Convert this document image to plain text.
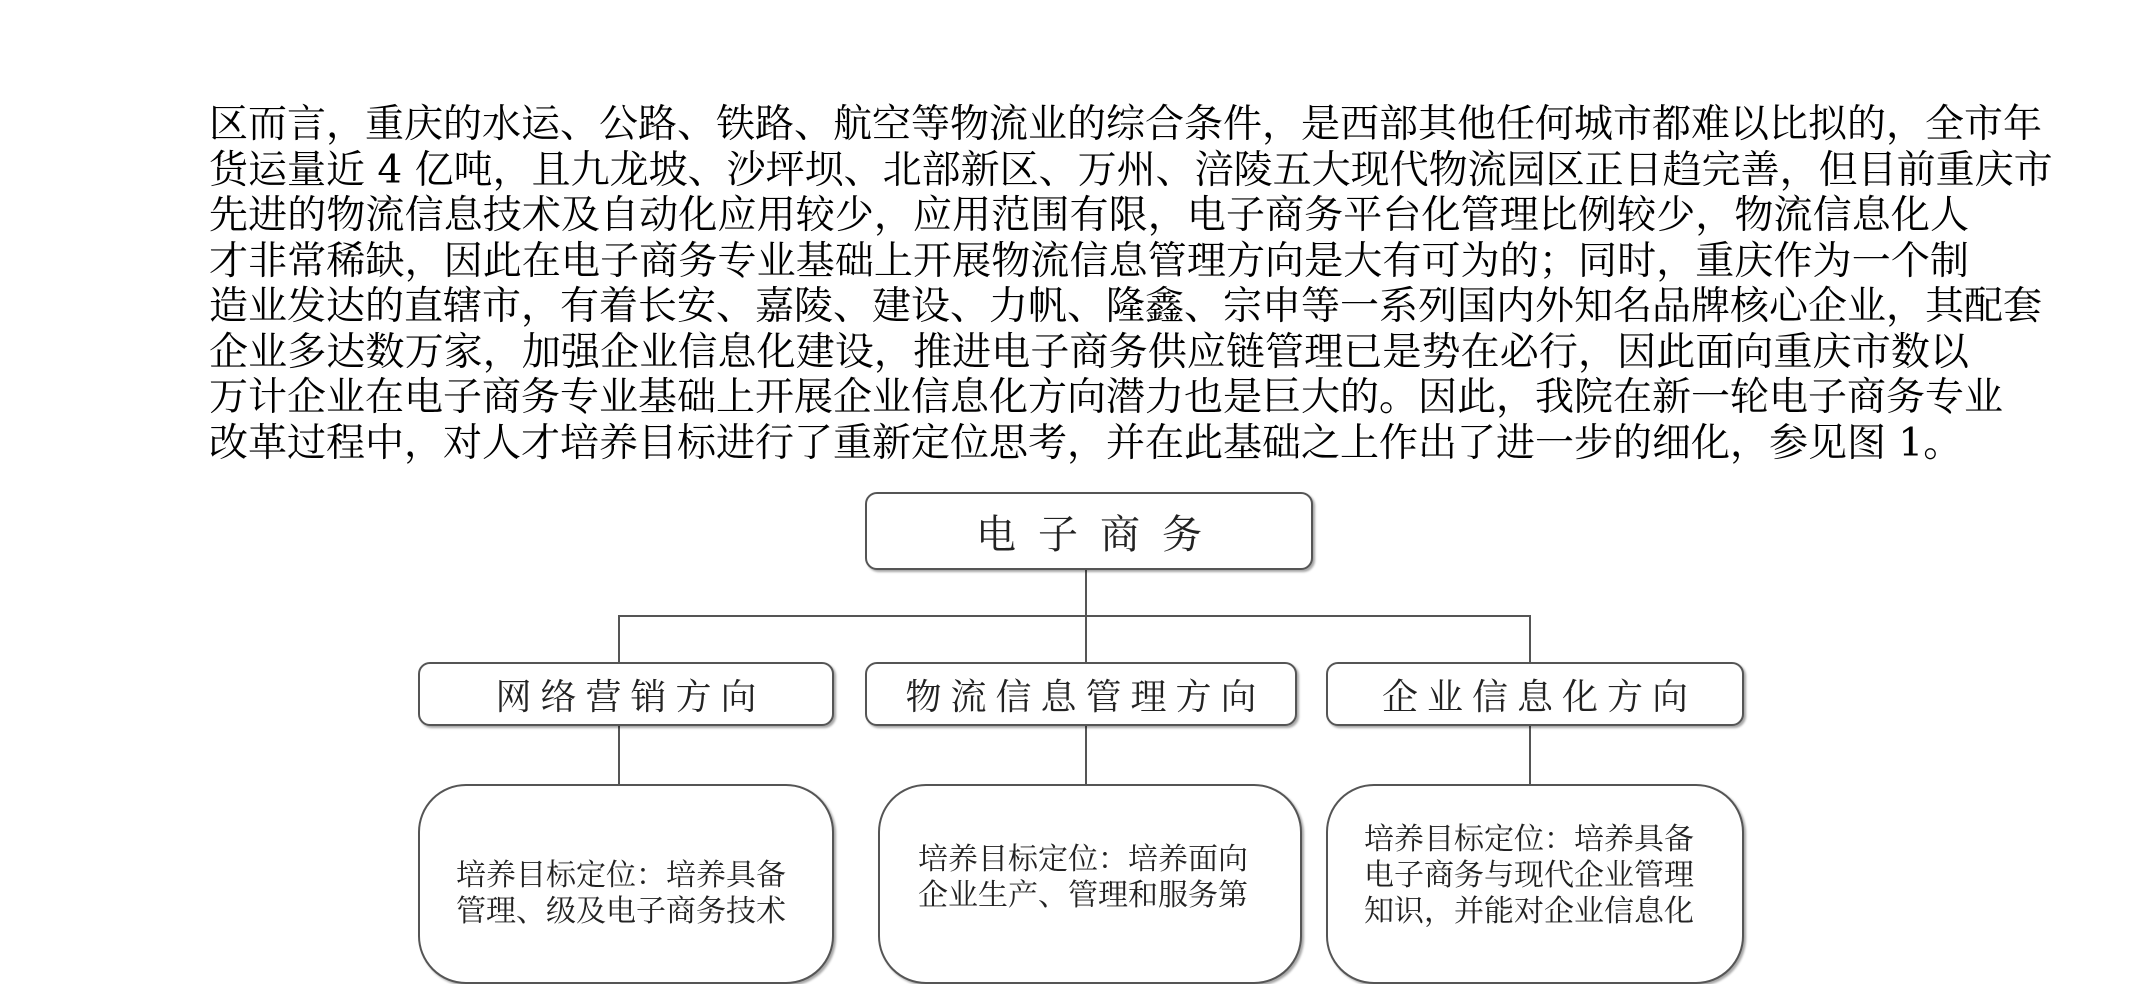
区而言，重庆的水运、公路、铁路、航空等物流业的综合条件，是西部其他任何城市都难以比拟的，全市年
货运量近 4 亿吨，且九龙坡、沙坪坝、北部新区、万州、涪陵五大现代物流园区正日趋完善，但目前重庆市
先进的物流信息技术及自动化应用较少，应用范围有限，电子商务平台化管理比例较少，物流信息化人
才非常稀缺，因此在电子商务专业基础上开展物流信息管理方向是大有可为的；同时，重庆作为一个制
造业发达的直辖市，有着长安、嘉陵、建设、力帆、隆鑫、宗申等一系列国内外知名品牌核心企业，其配套
企业多达数万家，加强企业信息化建设，推进电子商务供应链管理已是势在必行，因此面向重庆市数以
万计企业在电子商务专业基础上开展企业信息化方向潜力也是巨大的。因此，我院在新一轮电子商务专业
改革过程中，对人才培养目标进行了重新定位思考，并在此基础之上作出了进一步的细化，参见图 1。
电子商务
网络营销方向	物流信息管理方向	企业信息化方向
培养目标定位：培养具备
管理、级及电子商务技术
培养目标定位：培养面向
企业生产、管理和服务第
培养目标定位：培养具备
电子商务与现代企业管理
知识，并能对企业信息化
